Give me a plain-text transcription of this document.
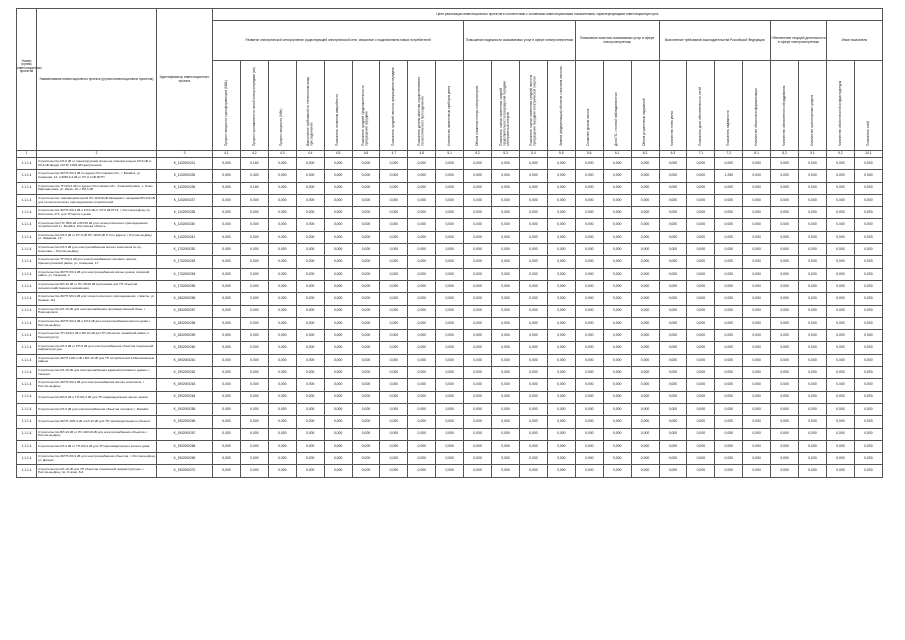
Номер группы инвестиционных проектов	Наименование инвестиционного проекта (группы инвестиционных проектов)	Идентификатор инвестиционного проекта	Цели реализации инвестиционных проектов в соответствии с основными инвестиционными показателями, характеризующими инвестиционную цель																							
			Развитие электрической сети/усиление существующей электрической сети, связанное с подключением новых потребителей									Повышение надежности оказываемых услуг в сфере электроэнергетики				Повышение качества оказываемых услуг в сфере электроэнергетики			Выполнение требований законодательства Российской Федерации				Обеспечение текущей деятельности в сфере электроэнергетики		Иные показатели	

			Прирост мощности трансформаторов (МВА)	Прирост протяженности линий электропередачи (км)	Прирост мощности (МВт)	Выполнение требований по технологическому присоединению	Показатель снижения аварийности	Показатель средней продолжительности прекращения передачи	Показатель средней частоты прекращения передачи	Показатель уровня качества осуществляемого технологического присоединения	Количество замененных приборов учета	Объем снижения потерь электроэнергии	Показатель оценки изменения средней продолжительности прекращения передачи электрической энергии	Показатель оценки изменения средней частоты прекращения передачи электрической энергии	Замена (модернизация) объектов с высоким износом	Снижение уровня износа	Доля ПС с полной наблюдаемостью	Объем устраненных нарушений	Количество точек учета	Показатель доли обеспеченности сетей	Показатель надежности	Количество объектов информатизации	Количество обновленного оборудования	Количество транспортных средств	Количество объектов иной инфраструктуры	Показатель иной

1	2	3	4.1	4.2	4.3	4.4	4.5	4.6	4.7	4.8	5.1	5.2	5.3	5.4	5.5	5.6	6.1	6.2	6.3	7.1	7.2	8.1	8.2	9.1	9.2	10.1
1.1.1.4	Строительство КЛ-6 кВ от проектируемой опоры на ответвительную КЛ-6 кВ от КЛ-6 кВ фидер 10 ПС 110/6 кВ Центральная	K_1102000231	0,000	0,182	0,000	0,000	0,000	0,000	0,000	0,000	0,000	0,000	0,000	0,000	0,000	0,000	0,000	0,000	0,000	0,000	0,000	0,000	0,000	0,000	0,000	0,000
1.1.1.4	Строительство ЗКТП-6/0,4 кВ по адресу Ростовская обл., г. Батайск, ул. Северная, 12, и ВЛИ-0,4 кВ от РУ-0,4 кВ ЗКТП	K_1102000235	0,000	0,400	0,000	0,000	0,000	0,000	0,000	0,000	0,000	0,000	0,000	0,000	0,000	0,000	0,000	0,000	0,000	0,000	1,250	0,000	0,000	0,000	0,000	0,000
1.1.1.4	Строительство ТП 6/0,4 кВ по адресу Ростовская обл., Азовский район, х. Ново-Маргаритовка, ул. Мира, 18, с ВЛ-6 кВ	K_1102000236	0,000	0,160	0,000	0,000	0,000	0,000	0,000	0,000	0,000	0,000	0,000	0,000	0,000	0,000	0,000	0,000	0,000	0,000	0,000	0,000	0,000	0,000	0,000	0,000
1.1.1.4	Строительство трансформаторной ПС 110/10 кВ Западная с заходами ВЛ-110 кВ для технологического присоединения потребителей	K_1102000237	0,000	0,000	0,000	0,000	0,000	0,000	0,000	0,000	0,000	0,000	0,000	0,000	0,000	0,000	0,000	0,000	0,000	0,000	0,000	0,000	0,000	0,000	0,000	0,000
1.1.1.4	Строительство ЗКТП-6/0,4 кВ и КЛ-6 кВ от РУ-6 кВ РП-9, г. Ростов-на-Дону, пр. Шолохова, 271, для ТП жилого дома	K_1102000238	0,000	0,000	0,000	0,000	0,000	0,000	0,000	0,000	0,000	0,000	0,000	0,000	0,000	0,000	0,000	0,000	0,000	0,000	0,000	0,000	0,000	0,000	0,000	0,000
1.1.1.4	Строительство ПС 35/6 кВ и ВЛ-35 кВ для технологического присоединения потребителей в г. Батайск, Ростовская область	K_1102000240	0,000	0,000	0,000	0,000	0,000	0,000	0,000	0,000	0,000	0,000	0,000	0,000	0,000	0,000	0,000	0,000	0,000	0,000	0,000	0,000	0,000	0,000	0,000	0,000
1.1.1.4	Строительство КЛ-6 кВ от РУ-6 кВ ПС 110/6 кВ Р-4 по адресу г. Ростов-на-Дону, ул. Шаумяна, 13	K_1102000241	0,000	0,000	0,000	0,000	0,000	0,000	0,000	0,000	0,000	0,000	0,000	0,000	0,000	0,000	0,000	0,000	0,000	0,000	0,000	0,000	0,000	0,000	0,000	0,000
1.1.1.4	Строительство КЛ-6 кВ для электроснабжения жилого комплекса по пр. Соколова, г. Ростов-на-Дону	K_1702000252	0,000	0,000	0,000	0,000	0,000	0,000	0,000	0,000	0,000	0,000	0,000	0,000	0,000	0,000	0,000	0,000	0,000	0,000	0,000	0,000	0,000	0,000	0,000	0,000
1.1.1.4	Строительство ТП 6/0,4 кВ для электроснабжения торгового центра, Красносулинский район, ул. Северная, 17	K_1702000253	0,000	0,000	0,000	0,000	0,000	0,000	0,000	0,000	0,000	0,000	0,000	0,000	0,000	0,000	0,000	0,000	0,000	0,000	0,000	0,000	0,000	0,000	0,000	0,000
1.1.1.4	Строительство ЗКТП-6/0,4 кВ для электроснабжения жилых домов, Азовский район, ул. Гагарина, 2	K_1702000254	0,000	0,000	0,000	0,000	0,000	0,000	0,000	0,000	0,000	0,000	0,000	0,000	0,000	0,000	0,000	0,000	0,000	0,000	0,000	0,000	0,000	0,000	0,000	0,000
1.1.1.4	Строительство ВЛ-10 кВ от ПС 35/10 кВ Кулешовка для ТП объектов сельскохозяйственного назначения	K_1702000255	0,000	0,000	0,000	0,000	0,000	0,000	0,000	0,000	0,000	0,000	0,000	0,000	0,000	0,000	0,000	0,000	0,000	0,000	0,000	0,000	0,000	0,000	0,000	0,000
1.1.1.4	Строительство ЗКТП 6/0,4 кВ для технологического присоединения, г. Шахты, ул. Ленина, 112	K_1802000256	0,000	0,000	0,000	0,000	0,000	0,000	0,000	0,000	0,000	0,000	0,000	0,000	0,000	0,000	0,000	0,000	0,000	0,000	0,000	0,000	0,000	0,000	0,000	0,000
1.1.1.4	Строительство КЛ-10 кВ для электроснабжения производственной базы, г. Новочеркасск	K_1802000257	0,000	0,000	0,000	0,000	0,000	0,000	0,000	0,000	0,000	0,000	0,000	0,000	0,000	0,000	0,000	0,000	0,000	0,000	0,000	0,000	0,000	0,000	0,000	0,000
1.1.1.4	Строительство ЗКТП-6/0,4 кВ и КЛ-6 кВ для электроснабжения жилого дома, г. Ростов-на-Дону	K_1802000258	0,000	0,000	0,000	0,000	0,000	0,000	0,000	0,000	0,000	0,000	0,000	0,000	0,000	0,000	0,000	0,000	0,000	0,000	0,000	0,000	0,000	0,000	0,000	0,000
1.1.1.4	Строительство ТП-10/0,4 кВ и ВЛ-10 кВ для ТП объектов, Аксайский район, п. Реконструктор	K_1802000259	0,000	0,000	0,000	0,000	0,000	0,000	0,000	0,000	0,000	0,000	0,000	0,000	0,000	0,000	0,000	0,000	0,000	0,000	0,000	0,000	0,000	0,000	0,000	0,000
1.1.1.4	Строительство КЛ-6 кВ от РП-6 кВ для электроснабжения объектов социальной инфраструктуры	K_1902000260	0,000	0,000	0,000	0,000	0,000	0,000	0,000	0,000	0,000	0,000	0,000	0,000	0,000	0,000	0,000	0,000	0,000	0,000	0,000	0,000	0,000	0,000	0,000	0,000
1.1.1.4	Строительство ЗКТП 10/0,4 кВ с ВЛ-10 кВ для ТП потребителей в Мясниковском районе	K_1902000261	0,000	0,000	0,000	0,000	0,000	0,000	0,000	0,000	0,000	0,000	0,000	0,000	0,000	0,000	0,000	0,000	0,000	0,000	0,000	0,000	0,000	0,000	0,000	0,000
1.1.1.4	Строительство КЛ-10 кВ для электроснабжения административного здания, г. Таганрог	K_1902000262	0,000	0,000	0,000	0,000	0,000	0,000	0,000	0,000	0,000	0,000	0,000	0,000	0,000	0,000	0,000	0,000	0,000	0,000	0,000	0,000	0,000	0,000	0,000	0,000
1.1.1.4	Строительство ЗКТП-6/0,4 кВ для электроснабжения жилого комплекса, г. Ростов-на-Дону	K_1902000263	0,000	0,000	0,000	0,000	0,000	0,000	0,000	0,000	0,000	0,000	0,000	0,000	0,000	0,000	0,000	0,000	0,000	0,000	0,000	0,000	0,000	0,000	0,000	0,000
1.1.1.4	Строительство ВЛ-6 кВ и ТП-6/0,4 кВ для ТП индивидуальных жилых домов	K_1902000264	0,000	0,000	0,000	0,000	0,000	0,000	0,000	0,000	0,000	0,000	0,000	0,000	0,000	0,000	0,000	0,000	0,000	0,000	0,000	0,000	0,000	0,000	0,000	0,000
1.1.1.4	Строительство КЛ-6 кВ для электроснабжения объектов торговли, г. Батайск	K_1902000265	0,000	0,000	0,000	0,000	0,000	0,000	0,000	0,000	0,000	0,000	0,000	0,000	0,000	0,000	0,000	0,000	0,000	0,000	0,000	0,000	0,000	0,000	0,000	0,000
1.1.1.4	Строительство ЗКТП-10/0,4 кВ и КЛ-10 кВ для ТП производственного объекта	K_1902000266	0,000	0,000	0,000	0,000	0,000	0,000	0,000	0,000	0,000	0,000	0,000	0,000	0,000	0,000	0,000	0,000	0,000	0,000	0,000	0,000	0,000	0,000	0,000	0,000
1.1.1.4	Строительство ВЛ-10 кВ от ПС 110/10 кВ для электроснабжения объектов, г. Ростов-на-Дону	K_1902000267	0,000	0,000	0,000	0,000	0,000	0,000	0,000	0,000	0,000	0,000	0,000	0,000	0,000	0,000	0,000	0,000	0,000	0,000	0,000	0,000	0,000	0,000	0,000	0,000
1.1.1.4	Строительство КЛ-6 кВ от ТП-6/0,4 кВ для ТП многоквартирного жилого дома	K_1902000268	0,000	0,000	0,000	0,000	0,000	0,000	0,000	0,000	0,000	0,000	0,000	0,000	0,000	0,000	0,000	0,000	0,000	0,000	0,000	0,000	0,000	0,000	0,000	0,000
1.1.1.4	Строительство ЗКТП-6/0,4 кВ для электроснабжения объектов, г. Ростов-на-Дону, ул. Дачная	K_1902000269	0,000	0,000	0,000	0,000	0,000	0,000	0,000	0,000	0,000	0,000	0,000	0,000	0,000	0,000	0,000	0,000	0,000	0,000	0,000	0,000	0,000	0,000	0,000	0,000
1.1.1.4	Строительство КЛ-10 кВ для ТП объектов социальной инфраструктуры, г. Ростов-на-Дону, пр. Стачки, 8-2	K_1902000270	0,000	0,000	0,000	0,000	0,000	0,000	0,000	0,000	0,000	0,000	0,000	0,000	0,000	0,000	0,000	0,000	0,000	0,000	0,000	0,000	0,000	0,000	0,000	0,000
